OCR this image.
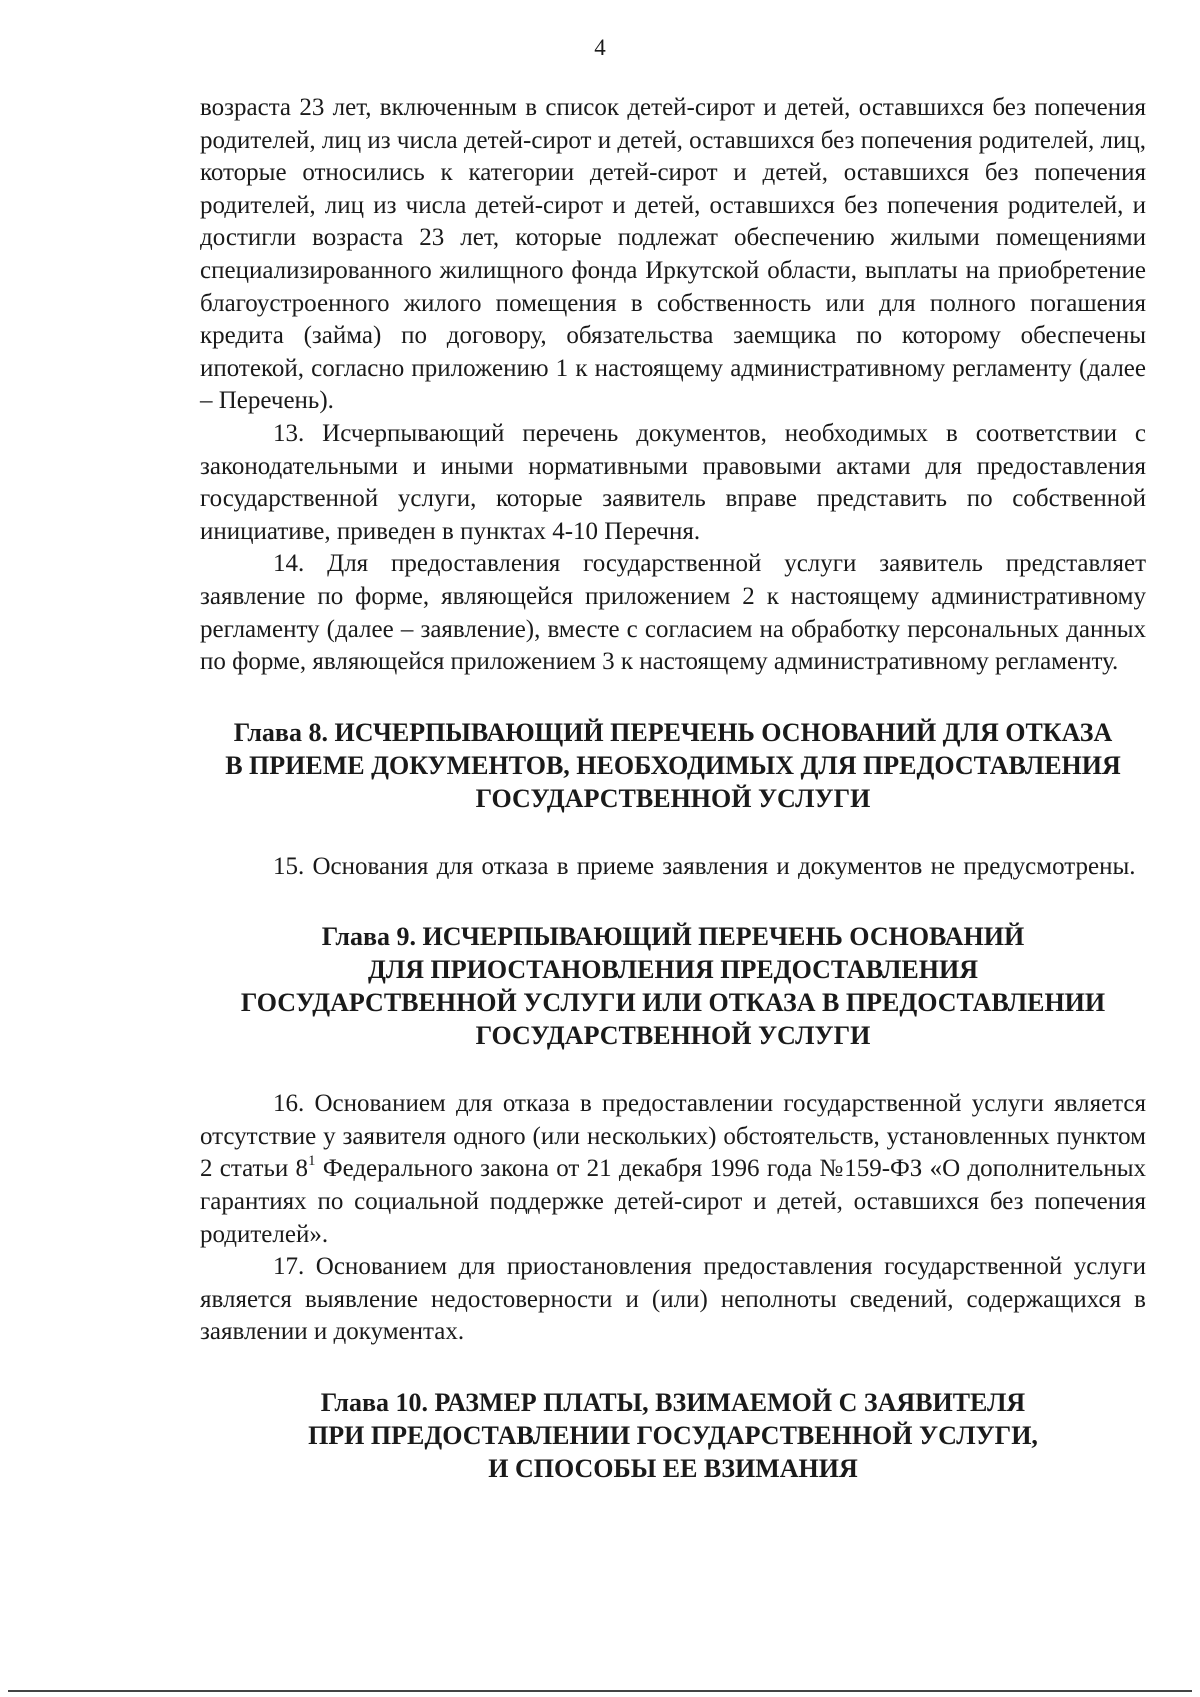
4

возраста 23 лет, включенным в список детей-сирот и детей, оставшихся без попечения родителей, лиц из числа детей-сирот и детей, оставшихся без попечения родителей, лиц, которые относились к категории детей-сирот и детей, оставшихся без попечения родителей, лиц из числа детей-сирот и детей, оставшихся без попечения родителей, и достигли возраста 23 лет, которые подлежат обеспечению жилыми помещениями специализированного жилищного фонда Иркутской области, выплаты на приобретение благоустроенного жилого помещения в собственность или для полного погашения кредита (займа) по договору, обязательства заемщика по которому обеспечены ипотекой, согласно приложению 1 к настоящему административному регламенту (далее – Перечень).

13. Исчерпывающий перечень документов, необходимых в соответствии с законодательными и иными нормативными правовыми актами для предоставления государственной услуги, которые заявитель вправе представить по собственной инициативе, приведен в пунктах 4-10 Перечня.

14. Для предоставления государственной услуги заявитель представляет заявление по форме, являющейся приложением 2 к настоящему административному регламенту (далее – заявление), вместе с согласием на обработку персональных данных по форме, являющейся приложением 3 к настоящему административному регламенту.

Глава 8. ИСЧЕРПЫВАЮЩИЙ ПЕРЕЧЕНЬ ОСНОВАНИЙ ДЛЯ ОТКАЗА
В ПРИЕМЕ ДОКУМЕНТОВ, НЕОБХОДИМЫХ ДЛЯ ПРЕДОСТАВЛЕНИЯ
ГОСУДАРСТВЕННОЙ УСЛУГИ

15. Основания для отказа в приеме заявления и документов не предусмотрены.

Глава 9. ИСЧЕРПЫВАЮЩИЙ ПЕРЕЧЕНЬ ОСНОВАНИЙ
ДЛЯ ПРИОСТАНОВЛЕНИЯ ПРЕДОСТАВЛЕНИЯ
ГОСУДАРСТВЕННОЙ УСЛУГИ ИЛИ ОТКАЗА В ПРЕДОСТАВЛЕНИИ
ГОСУДАРСТВЕННОЙ УСЛУГИ

16. Основанием для отказа в предоставлении государственной услуги является отсутствие у заявителя одного (или нескольких) обстоятельств, установленных пунктом 2 статьи $8^1$ Федерального закона от 21 декабря 1996 года №159-ФЗ «О дополнительных гарантиях по социальной поддержке детей-сирот и детей, оставшихся без попечения родителей».

17. Основанием для приостановления предоставления государственной услуги является выявление недостоверности и (или) неполноты сведений, содержащихся в заявлении и документах.

Глава 10. РАЗМЕР ПЛАТЫ, ВЗИМАЕМОЙ С ЗАЯВИТЕЛЯ
ПРИ ПРЕДОСТАВЛЕНИИ ГОСУДАРСТВЕННОЙ УСЛУГИ,
И СПОСОБЫ ЕЕ ВЗИМАНИЯ
